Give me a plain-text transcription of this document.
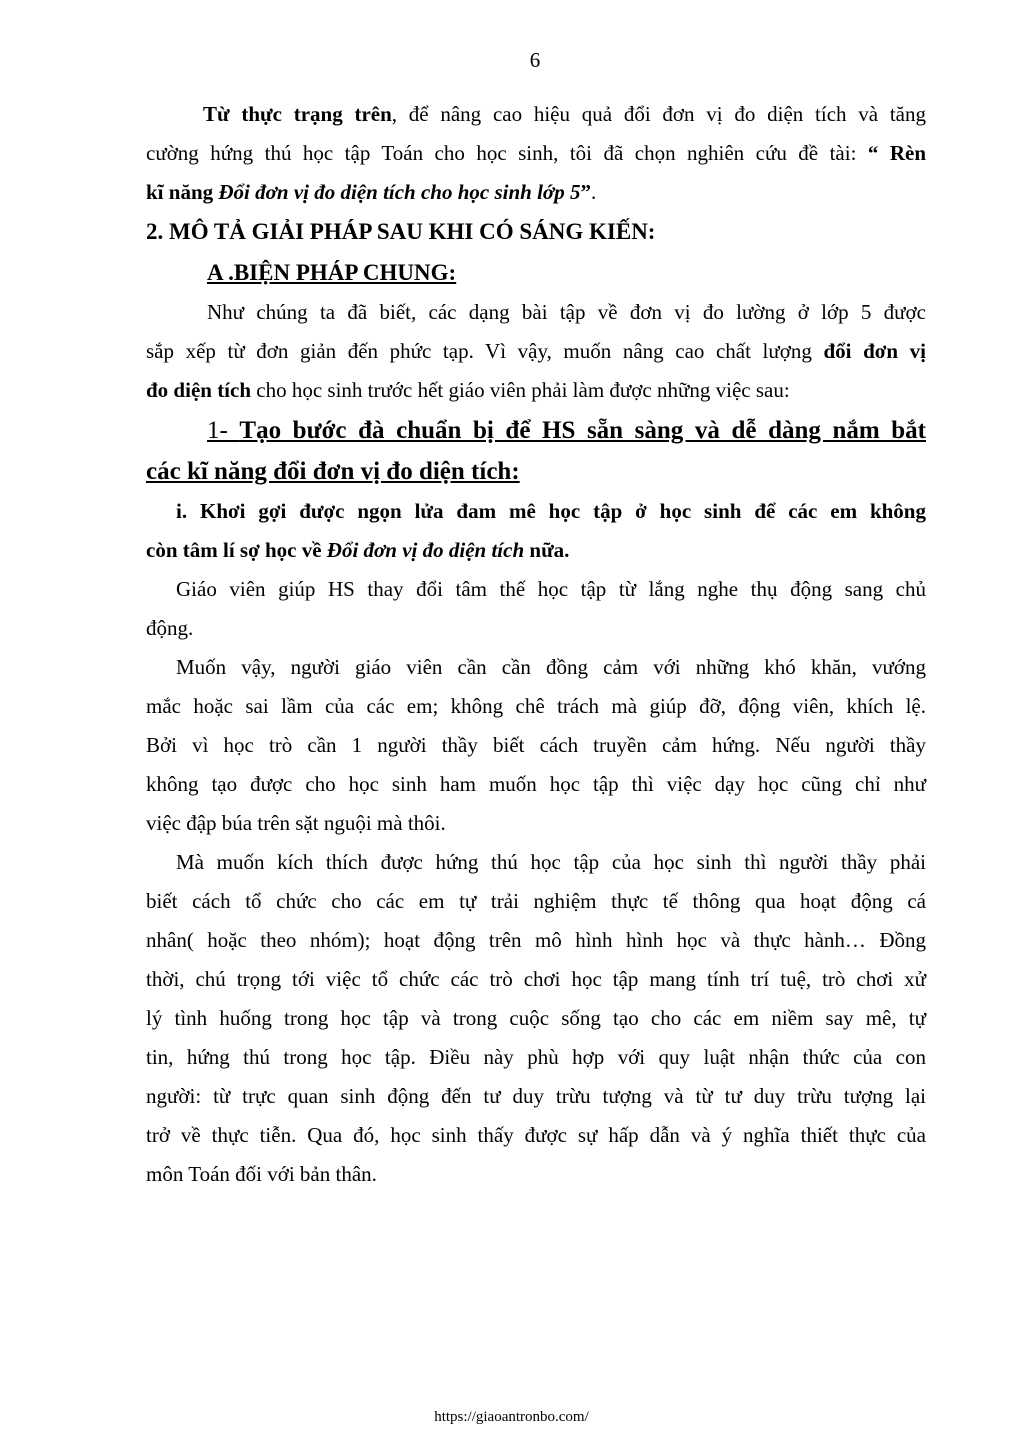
6

Từ thực trạng trên, để nâng cao hiệu quả đổi đơn vị đo diện tích và tăng

cường hứng thú học tập Toán cho học sinh, tôi đã chọn nghiên cứu đề tài: “ Rèn

kĩ năng Đổi đơn vị đo diện tích cho học sinh lớp 5”.

2. MÔ TẢ GIẢI PHÁP SAU KHI CÓ SÁNG KIẾN:

A .BIỆN PHÁP CHUNG:

Như chúng ta đã biết, các dạng bài tập về đơn vị đo lường ở lớp 5 được

sắp xếp từ đơn giản đến phức tạp. Vì vậy, muốn nâng cao chất lượng đổi đơn vị

đo diện tích cho học sinh trước hết giáo viên phải làm được những việc sau:

1- Tạo bước đà chuẩn bị để HS sẵn sàng và dễ dàng nắm bắt

các kĩ năng đổi đơn vị đo diện tích:

i. Khơi gợi được ngọn lửa đam mê học tập ở học sinh để các em không

còn tâm lí sợ học về Đổi đơn vị đo diện tích nữa.

Giáo viên giúp HS thay đổi tâm thế học tập từ lắng nghe thụ động sang chủ

động.

Muốn vậy, người giáo viên cần cần đồng cảm với những khó khăn, vướng

mắc hoặc sai lầm của các em; không chê trách mà giúp đỡ, động viên, khích lệ.

Bởi vì học trò cần 1 người thầy biết cách truyền cảm hứng. Nếu người thầy

không tạo được cho học sinh ham muốn học tập thì việc dạy học cũng chỉ như

việc đập búa trên sặt nguội mà thôi.

Mà muốn kích thích được hứng thú học tập của học sinh thì người thầy phải

biết cách tổ chức cho các em tự trải nghiệm thực tế thông qua hoạt động cá

nhân( hoặc theo nhóm); hoạt động trên mô hình hình học và thực hành… Đồng

thời, chú trọng tới việc tổ chức các trò chơi học tập mang tính trí tuệ, trò chơi xử

lý tình huống trong học tập và trong cuộc sống tạo cho các em niềm say mê, tự

tin, hứng thú trong học tập. Điều này phù hợp với quy luật nhận thức của con

người: từ trực quan sinh động đến tư duy trừu tượng và từ tư duy trừu tượng lại

trở về thực tiễn. Qua đó, học sinh thấy được sự hấp dẫn và ý nghĩa thiết thực của

môn Toán đối với bản thân.

https://giaoantronbo.com/
